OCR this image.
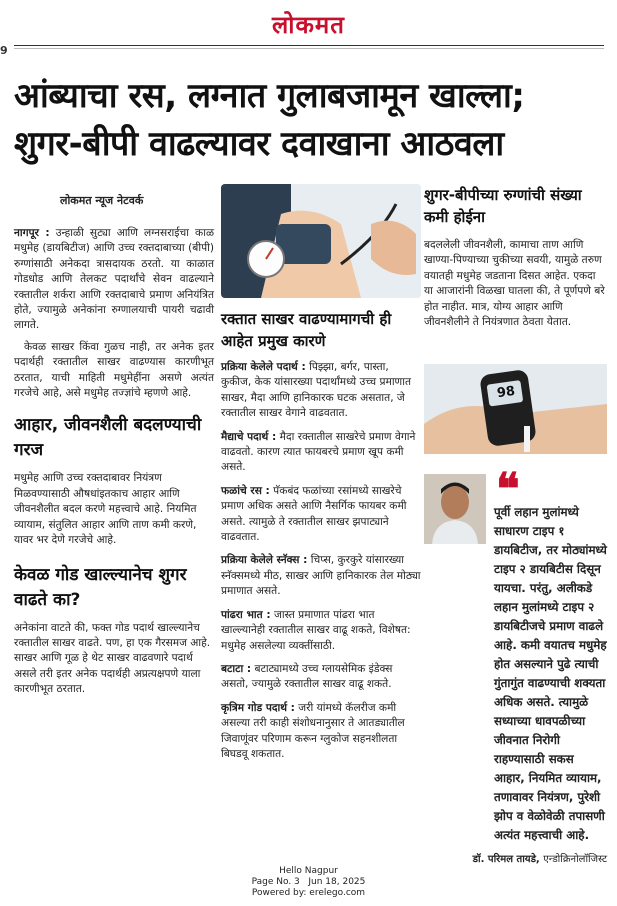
लोकमत
9
आंब्याचा रस, लग्नात गुलाबजामून खाल्ला;
शुगर-बीपी वाढल्यावर दवाखाना आठवला
लोकमत न्यूज नेटवर्क

नागपूर : उन्हाळी सुट्या आणि लग्नसराईचा काळ मधुमेह (डायबिटीज) आणि उच्च रक्तदाबाच्या (बीपी) रुग्णांसाठी अनेकदा त्रासदायक ठरतो. या काळात गोडधोड आणि तेलकट पदार्थांचे सेवन वाढल्याने रक्तातील शर्करा आणि रक्तदाबाचे प्रमाण अनियंत्रित होते, ज्यामुळे अनेकांना रुग्णालयाची पायरी चढावी लागते.

केवळ साखर किंवा गुळच नाही, तर अनेक इतर पदार्थही रक्तातील साखर वाढण्यास कारणीभूत ठरतात, याची माहिती मधुमेहींना असणे अत्यंत गरजेचे आहे, असे मधुमेह तज्ज्ञांचे म्हणणे आहे.

आहार, जीवनशैली बदलण्याची गरज

मधुमेह आणि उच्च रक्तदाबावर नियंत्रण मिळवण्यासाठी औषधांइतकाच आहार आणि जीवनशैलीत बदल करणे महत्त्वाचे आहे. नियमित व्यायाम, संतुलित आहार आणि ताण कमी करणे, यावर भर देणे गरजेचे आहे.

केवळ गोड खाल्ल्यानेच शुगर वाढते का?

अनेकांना वाटते की, फक्त गोड पदार्थ खाल्ल्यानेच रक्तातील साखर वाढते. पण, हा एक गैरसमज आहे. साखर आणि गूळ हे थेट साखर वाढवणारे पदार्थ असले तरी इतर अनेक पदार्थही अप्रत्यक्षपणे याला कारणीभूत ठरतात.

रक्तात साखर वाढण्यामागची ही आहेत प्रमुख कारणे

प्रक्रिया केलेले पदार्थ : पिझ्झा, बर्गर, पास्ता, कुकीज, केक यांसारख्या पदार्थांमध्ये उच्च प्रमाणात साखर, मैदा आणि हानिकारक घटक असतात, जे रक्तातील साखर वेगाने वाढवतात.

मैद्याचे पदार्थ : मैदा रक्तातील साखरेचे प्रमाण वेगाने वाढवतो. कारण त्यात फायबरचे प्रमाण खूप कमी असते.

फळांचे रस : पॅकबंद फळांच्या रसांमध्ये साखरेचे प्रमाण अधिक असते आणि नैसर्गिक फायबर कमी असते. त्यामुळे ते रक्तातील साखर झपाट्याने वाढवतात.

प्रक्रिया केलेले स्नॅक्स : चिप्स, कुरकुरे यांसारख्या स्नॅक्समध्ये मीठ, साखर आणि हानिकारक तेल मोठ्या प्रमाणात असते.

पांढरा भात : जास्त प्रमाणात पांढरा भात खाल्ल्यानेही रक्तातील साखर वाढू शकते, विशेषत: मधुमेह असलेल्या व्यक्तींसाठी.

बटाटा : बटाट्यामध्ये उच्च ग्लायसेमिक इंडेक्स असतो, ज्यामुळे रक्तातील साखर वाढू शकते.

कृत्रिम गोड पदार्थ : जरी यांमध्ये कॅलरीज कमी असल्या तरी काही संशोधनानुसार ते आतड्यातील जिवाणूंवर परिणाम करून ग्लुकोज सहनशीलता बिघडवू शकतात.

शुगर-बीपीच्या रुग्णांची संख्या कमी होईना

बदललेली जीवनशैली, कामाचा ताण आणि खाण्या-पिण्याच्या चुकीच्या सवयी, यामुळे तरुण वयातही मधुमेह जडताना दिसत आहेत. एकदा या आजारांनी विळखा घातला की, ते पूर्णपणे बरे होत नाहीत. मात्र, योग्य आहार आणि जीवनशैलीने ते नियंत्रणात ठेवता येतात.

98
❝

पूर्वी लहान मुलांमध्ये साधारण टाइप १ डायबिटीज, तर मोठ्यांमध्ये टाइप २ डायबिटीस दिसून यायचा. परंतु, अलीकडे लहान मुलांमध्ये टाइप २ डायबिटीजचे प्रमाण वाढले आहे. कमी वयातच मधुमेह होत असल्याने पुढे त्याची गुंतागुंत वाढण्याची शक्यता अधिक असते. त्यामुळे सध्याच्या धावपळीच्या जीवनात निरोगी राहण्यासाठी सकस आहार, नियमित व्यायाम, तणावावर नियंत्रण, पुरेशी झोप व वेळोवेळी तपासणी अत्यंत महत्त्वाची आहे.

डॉ. परिमल तायडे, एन्डोक्रिनोलॉजिस्ट
Hello Nagpur
Page No. 3 Jun 18, 2025
Powered by: erelego.com
